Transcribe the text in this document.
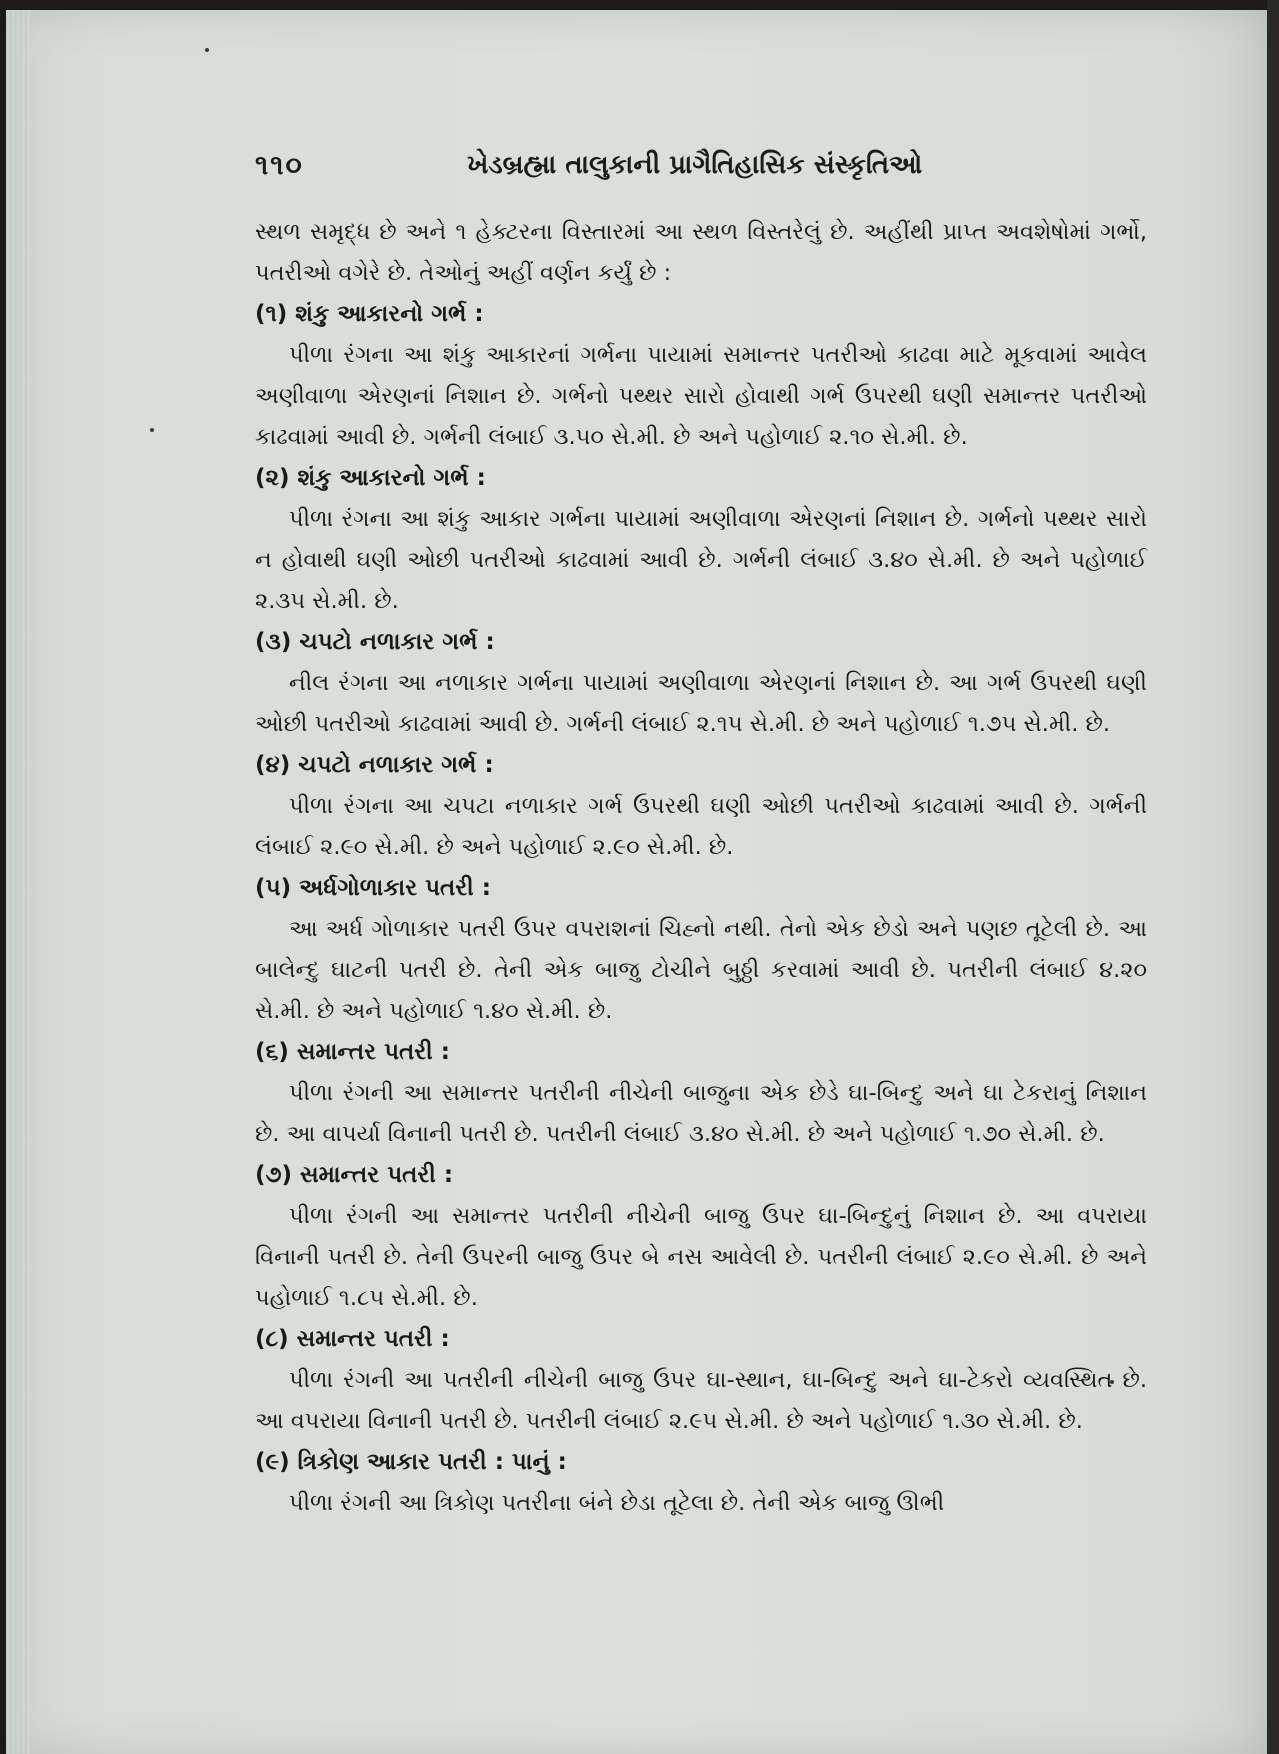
૧૧૦	ખેડબ્રહ્મા તાલુકાની પ્રાગૈતિહાસિક સંસ્કૃતિઓ

સ્થળ સમૃદ્ધ છે અને ૧ હેક્ટરના વિસ્તારમાં આ સ્થળ વિસ્તરેલું છે. અહીંથી પ્રાપ્ત અવશેષોમાં ગર્ભો, પતરીઓ વગેરે છે. તેઓનું અહીં વર્ણન કર્યું છે :

(૧) શંકુ આકારનો ગર્ભ :

પીળા રંગના આ શંકુ આકારનાં ગર્ભના પાયામાં સમાન્તર પતરીઓ કાઢવા માટે મૂકવામાં આવેલ અણીવાળા એરણનાં નિશાન છે. ગર્ભનો પથ્થર સારો હોવાથી ગર્ભ ઉપરથી ઘણી સમાન્તર પતરીઓ કાઢવામાં આવી છે. ગર્ભની લંબાઈ ૩.૫૦ સે.મી. છે અને પહોળાઈ ૨.૧૦ સે.મી. છે.

(૨) શંકુ આકારનો ગર્ભ :

પીળા રંગના આ શંકુ આકાર ગર્ભના પાયામાં અણીવાળા એરણનાં નિશાન છે. ગર્ભનો પથ્થર સારો ન હોવાથી ઘણી ઓછી પતરીઓ કાઢવામાં આવી છે. ગર્ભની લંબાઈ ૩.૪૦ સે.મી. છે અને પહોળાઈ ૨.૩૫ સે.મી. છે.

(૩) ચપટો નળાકાર ગર્ભ :

નીલ રંગના આ નળાકાર ગર્ભના પાયામાં અણીવાળા એરણનાં નિશાન છે. આ ગર્ભ ઉપરથી ઘણી ઓછી પતરીઓ કાઢવામાં આવી છે. ગર્ભની લંબાઈ ૨.૧૫ સે.મી. છે અને પહોળાઈ ૧.૭૫ સે.મી. છે.

(૪) ચપટો નળાકાર ગર્ભ :

પીળા રંગના આ ચપટા નળાકાર ગર્ભ ઉપરથી ઘણી ઓછી પતરીઓ કાઢવામાં આવી છે. ગર્ભની લંબાઈ ૨.૯૦ સે.મી. છે અને પહોળાઈ ૨.૯૦ સે.મી. છે.

(૫) અર્ધગોળાકાર પતરી :

આ અર્ધ ગોળાકાર પતરી ઉપર વપરાશનાં ચિહ્નો નથી. તેનો એક છેડો અને પણછ તૂટેલી છે. આ બાલેન્દુ ઘાટની પતરી છે. તેની એક બાજુ ટોચીને બુઠ્ઠી કરવામાં આવી છે. પતરીની લંબાઈ ૪.૨૦ સે.મી. છે અને પહોળાઈ ૧.૪૦ સે.મી. છે.

(૬) સમાન્તર પતરી :

પીળા રંગની આ સમાન્તર પતરીની નીચેની બાજુના એક છેડે ઘા-બિન્દુ અને ઘા ટેકરાનું નિશાન છે. આ વાપર્યા વિનાની પતરી છે. પતરીની લંબાઈ ૩.૪૦ સે.મી. છે અને પહોળાઈ ૧.૭૦ સે.મી. છે.

(૭) સમાન્તર પતરી :

પીળા રંગની આ સમાન્તર પતરીની નીચેની બાજુ ઉપર ઘા-બિન્દુનું નિશાન છે. આ વપરાયા વિનાની પતરી છે. તેની ઉપરની બાજુ ઉપર બે નસ આવેલી છે. પતરીની લંબાઈ ૨.૯૦ સે.મી. છે અને પહોળાઈ ૧.૮૫ સે.મી. છે.

(૮) સમાન્તર પતરી :

પીળા રંગની આ પતરીની નીચેની બાજુ ઉપર ઘા-સ્થાન, ઘા-બિન્દુ અને ઘા-ટેકરો વ્યવસ્થિત છે. આ વપરાયા વિનાની પતરી છે. પતરીની લંબાઈ ૨.૯૫ સે.મી. છે અને પહોળાઈ ૧.૩૦ સે.મી. છે.

(૯) ત્રિકોણ આકાર પતરી : પાનું :

પીળા રંગની આ ત્રિકોણ પતરીના બંને છેડા તૂટેલા છે. તેની એક બાજુ ઊભી
